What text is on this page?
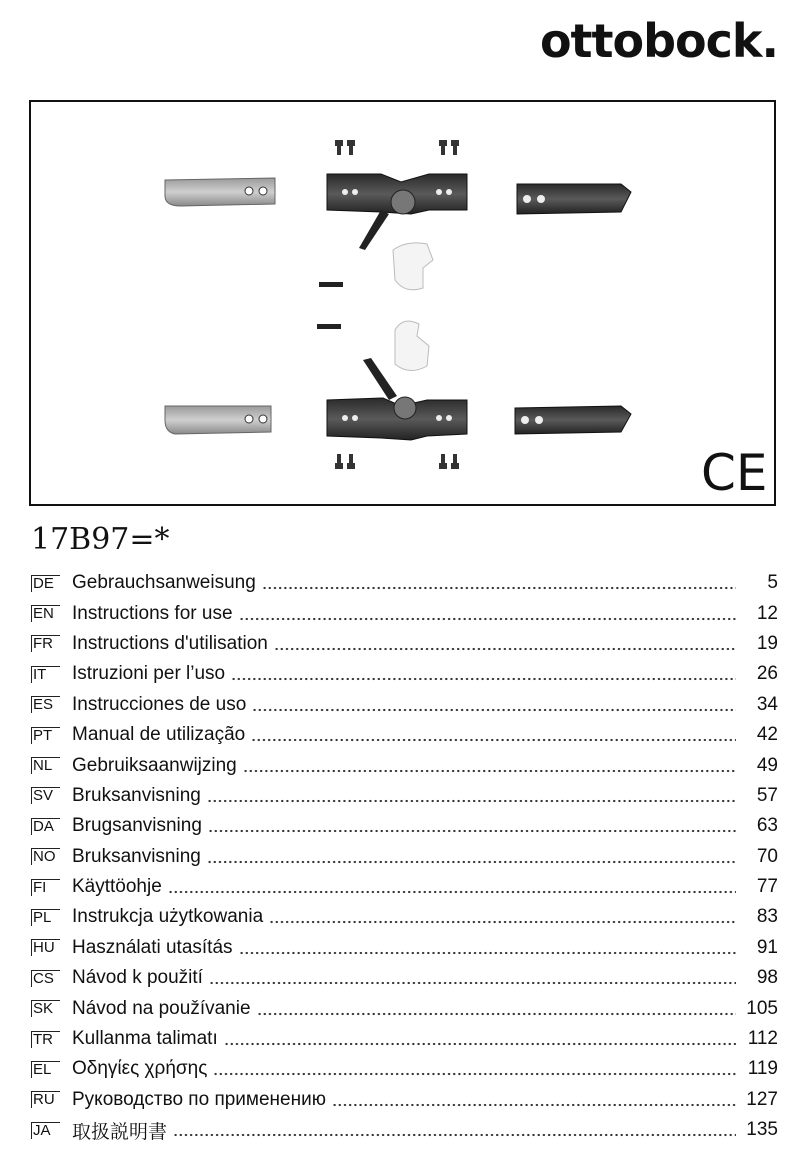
ottobock.
CE
17B97=*
DE Gebrauchsanweisung	5
EN Instructions for use	12
FR	Instructions d'utilisation	19
IT	Istruzioni per l’uso	26
ES Instrucciones de uso	34
PT	Manual de utilização	42
NL	Gebruiksaanwijzing	49
SV Bruksanvisning	57
DA Brugsanvisning	63
NO Bruksanvisning	70
FI	Käyttöohje	77
PL	Instrukcja użytkowania	83
HU Használati utasítás	91
CS Návod k použití	98
SK Návod na používanie	105
TR	Kullanma talimatı	112
EL	Οδηγίες χρήσης	119
RU Руководство по применению	127
JA	取扱説明書	135
